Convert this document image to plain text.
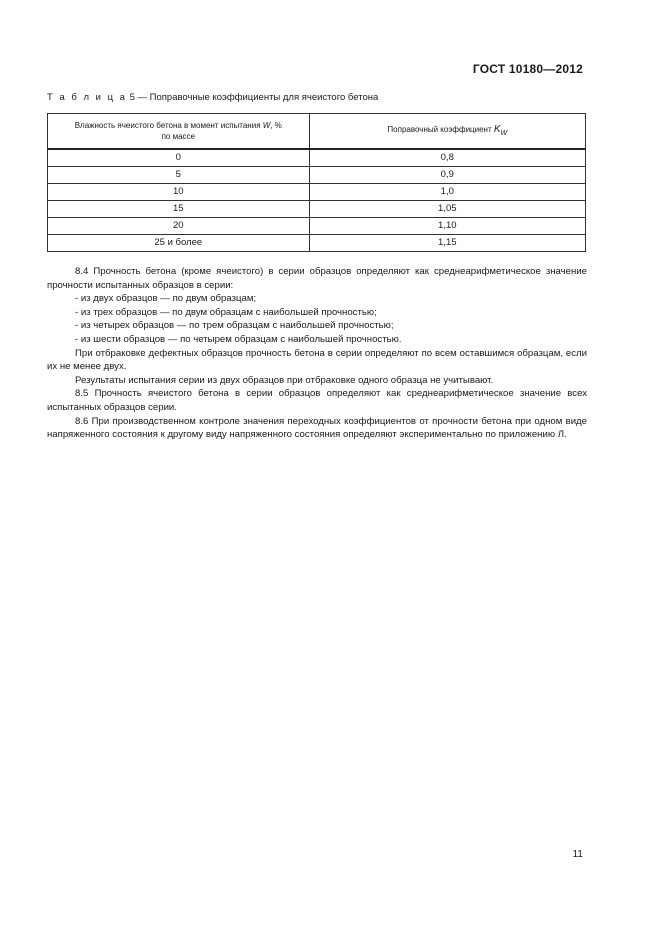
ГОСТ 10180—2012
Т а б л и ц а 5 — Поправочные коэффициенты для ячеистого бетона
Влажность ячеистого бетона в момент испытания W, %
по массе	Поправочный коэффициент $K_W$
0	0,8
5	0,9
10	1,0
15	1,05
20	1,10
25 и более	1,15

8.4 Прочность бетона (кроме ячеистого) в серии образцов определяют как среднеарифметическое значение прочности испытанных образцов в серии:

- из двух образцов — по двум образцам;

- из трех образцов — по двум образцам с наибольшей прочностью;

- из четырех образцов — по трем образцам с наибольшей прочностью;

- из шести образцов — по четырем образцам с наибольшей прочностью.

При отбраковке дефектных образцов прочность бетона в серии определяют по всем оставшимся образцам, если их не менее двух.

Результаты испытания серии из двух образцов при отбраковке одного образца не учитывают.

8.5 Прочность ячеистого бетона в серии образцов определяют как среднеарифметическое значение всех испытанных образцов серии.

8.6 При производственном контроле значения переходных коэффициентов от прочности бетона при одном виде напряженного состояния к другому виду напряженного состояния определяют экспериментально по приложению Л.

11
